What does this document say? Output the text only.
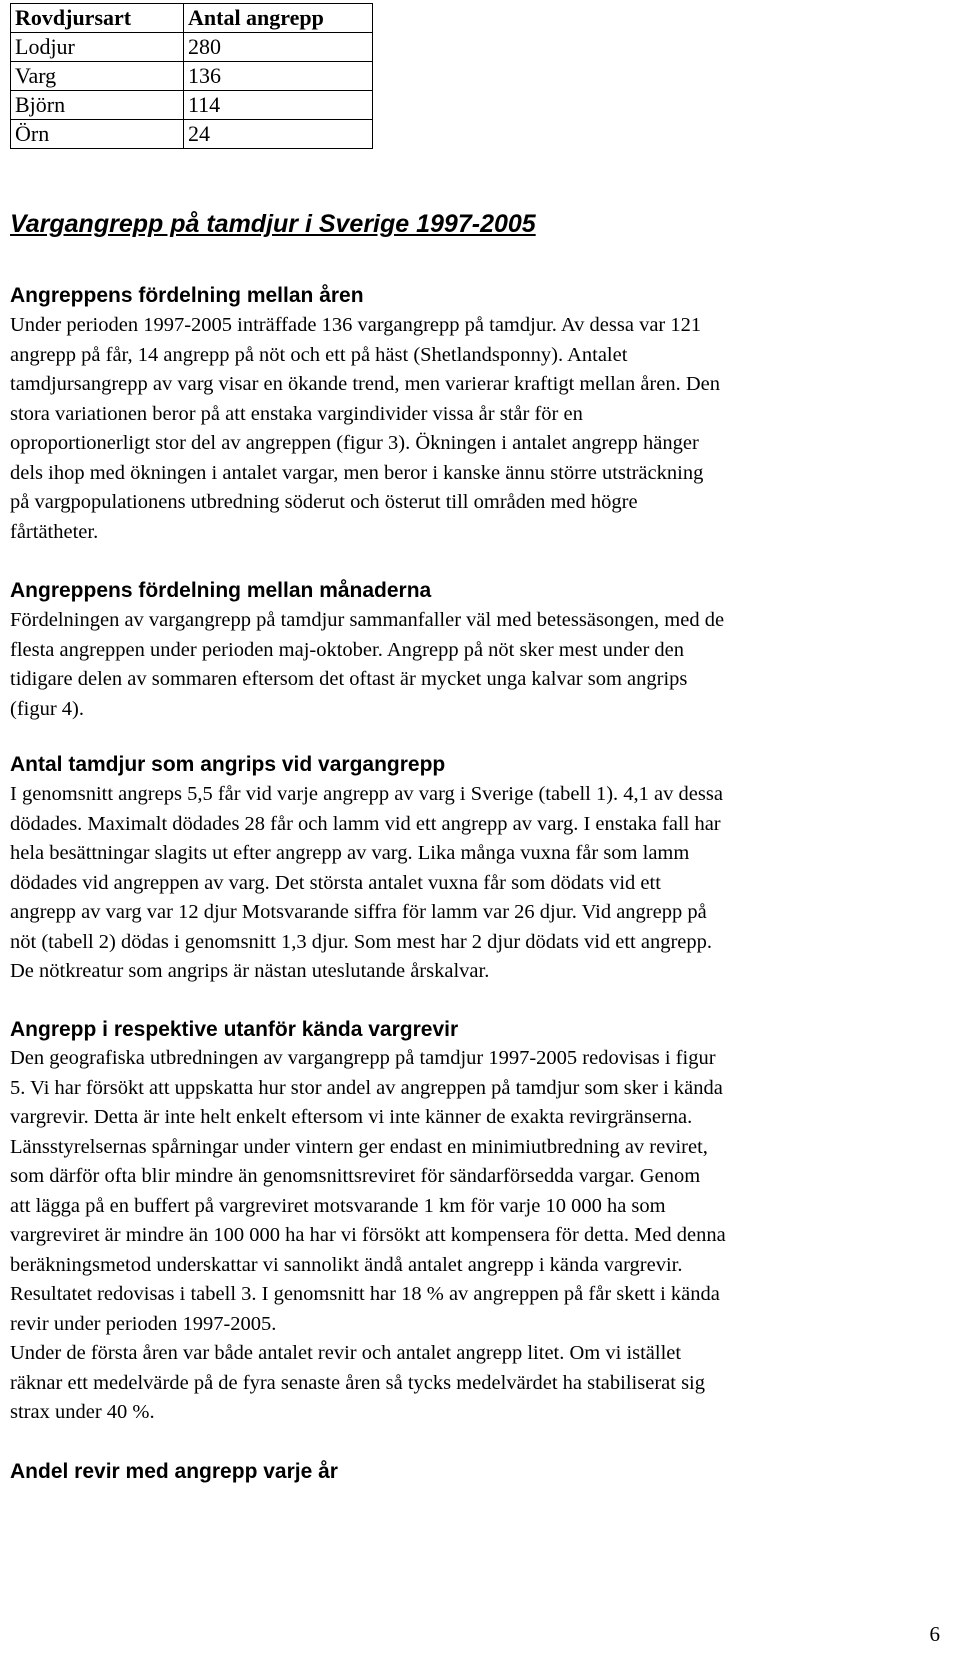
Rovdjursart	Antal angrepp
Lodjur	280
Varg	136
Björn	114
Örn	24
Vargangrepp på tamdjur i Sverige 1997-2005
Angreppens fördelning mellan åren
Under perioden 1997-2005 inträffade 136 vargangrepp på tamdjur. Av dessa var 121
angrepp på får, 14 angrepp på nöt och ett på häst (Shetlandsponny). Antalet
tamdjursangrepp av varg visar en ökande trend, men varierar kraftigt mellan åren. Den
stora variationen beror på att enstaka vargindivider vissa år står för en
oproportionerligt stor del av angreppen (figur 3). Ökningen i antalet angrepp hänger
dels ihop med ökningen i antalet vargar, men beror i kanske ännu större utsträckning
på vargpopulationens utbredning söderut och österut till områden med högre
fårtätheter.
Angreppens fördelning mellan månaderna
Fördelningen av vargangrepp på tamdjur sammanfaller väl med betessäsongen, med de
flesta angreppen under perioden maj-oktober. Angrepp på nöt sker mest under den
tidigare delen av sommaren eftersom det oftast är mycket unga kalvar som angrips
(figur 4).
Antal tamdjur som angrips vid vargangrepp
I genomsnitt angreps 5,5 får vid varje angrepp av varg i Sverige (tabell 1). 4,1 av dessa
dödades. Maximalt dödades 28 får och lamm vid ett angrepp av varg. I enstaka fall har
hela besättningar slagits ut efter angrepp av varg. Lika många vuxna får som lamm
dödades vid angreppen av varg. Det största antalet vuxna får som dödats vid ett
angrepp av varg var 12 djur Motsvarande siffra för lamm var 26 djur. Vid angrepp på
nöt (tabell 2) dödas i genomsnitt 1,3 djur. Som mest har 2 djur dödats vid ett angrepp.
De nötkreatur som angrips är nästan uteslutande årskalvar.
Angrepp i respektive utanför kända vargrevir
Den geografiska utbredningen av vargangrepp på tamdjur 1997-2005 redovisas i figur
5. Vi har försökt att uppskatta hur stor andel av angreppen på tamdjur som sker i kända
vargrevir. Detta är inte helt enkelt eftersom vi inte känner de exakta revirgränserna.
Länsstyrelsernas spårningar under vintern ger endast en minimiutbredning av reviret,
som därför ofta blir mindre än genomsnittsreviret för sändarförsedda vargar. Genom
att lägga på en buffert på vargreviret motsvarande 1 km för varje 10 000 ha som
vargreviret är mindre än 100 000 ha har vi försökt att kompensera för detta. Med denna
beräkningsmetod underskattar vi sannolikt ändå antalet angrepp i kända vargrevir.
Resultatet redovisas i tabell 3. I genomsnitt har 18 % av angreppen på får skett i kända
revir under perioden 1997-2005.
Under de första åren var både antalet revir och antalet angrepp litet. Om vi istället
räknar ett medelvärde på de fyra senaste åren så tycks medelvärdet ha stabiliserat sig
strax under 40 %.
Andel revir med angrepp varje år
6
